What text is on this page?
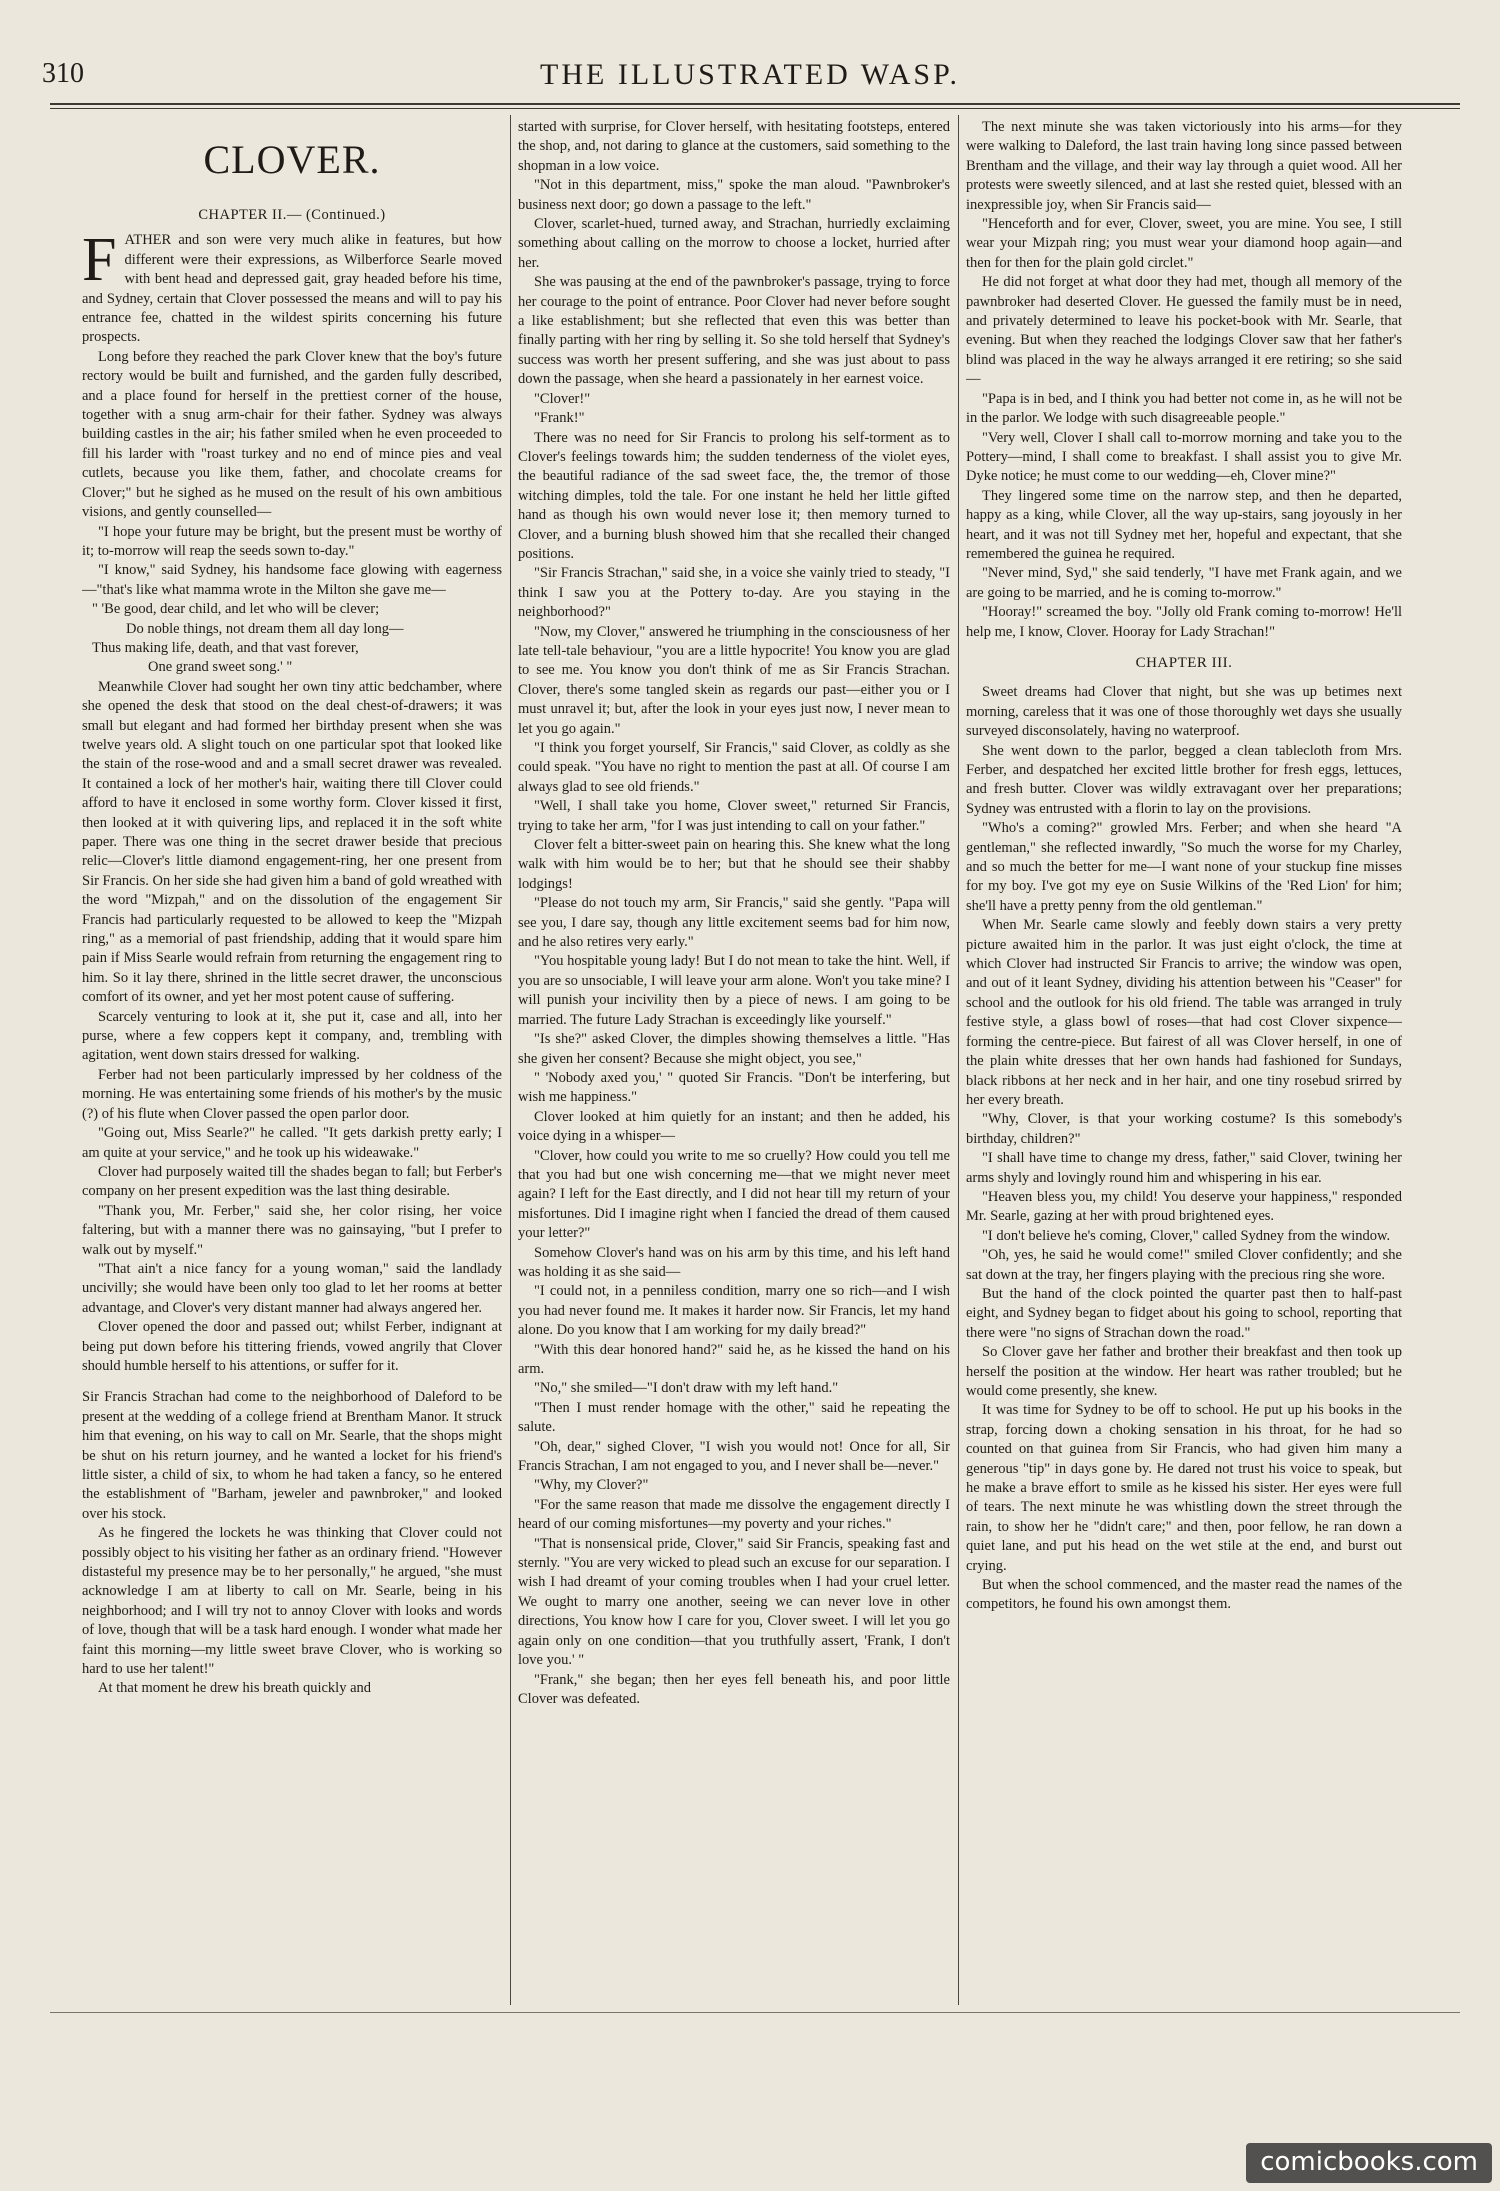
310	THE ILLUSTRATED WASP.
CLOVER.
CHAPTER II.— (Continued.)

FATHER and son were very much alike in features, but how different were their expressions, as Wilberforce Searle moved with bent head and depressed gait, gray headed before his time, and Sydney, certain that Clover possessed the means and will to pay his entrance fee, chatted in the wildest spirits concerning his future prospects.

Long before they reached the park Clover knew that the boy's future rectory would be built and furnished, and the garden fully described, and a place found for herself in the prettiest corner of the house, together with a snug arm-chair for their father. Sydney was always building castles in the air; his father smiled when he even proceeded to fill his larder with "roast turkey and no end of mince pies and veal cutlets, because you like them, father, and chocolate creams for Clover;" but he sighed as he mused on the result of his own ambitious visions, and gently counselled—

"I hope your future may be bright, but the present must be worthy of it; to-morrow will reap the seeds sown to-day."

"I know," said Sydney, his handsome face glowing with eagerness—"that's like what mamma wrote in the Milton she gave me—

" 'Be good, dear child, and let who will be clever;
Do noble things, not dream them all day long—
Thus making life, death, and that vast forever,
One grand sweet song.' "

Meanwhile Clover had sought her own tiny attic bedchamber, where she opened the desk that stood on the deal chest-of-drawers; it was small but elegant and had formed her birthday present when she was twelve years old. A slight touch on one particular spot that looked like the stain of the rose-wood and and a small secret drawer was revealed. It contained a lock of her mother's hair, waiting there till Clover could afford to have it enclosed in some worthy form. Clover kissed it first, then looked at it with quivering lips, and replaced it in the soft white paper. There was one thing in the secret drawer beside that precious relic—Clover's little diamond engagement-ring, her one present from Sir Francis. On her side she had given him a band of gold wreathed with the word "Mizpah," and on the dissolution of the engagement Sir Francis had particularly requested to be allowed to keep the "Mizpah ring," as a memorial of past friendship, adding that it would spare him pain if Miss Searle would refrain from returning the engagement ring to him. So it lay there, shrined in the little secret drawer, the unconscious comfort of its owner, and yet her most potent cause of suffering.

Scarcely venturing to look at it, she put it, case and all, into her purse, where a few coppers kept it company, and, trembling with agitation, went down stairs dressed for walking.

Ferber had not been particularly impressed by her coldness of the morning. He was entertaining some friends of his mother's by the music (?) of his flute when Clover passed the open parlor door.

"Going out, Miss Searle?" he called. "It gets darkish pretty early; I am quite at your service," and he took up his wideawake."

Clover had purposely waited till the shades began to fall; but Ferber's company on her present expedition was the last thing desirable.

"Thank you, Mr. Ferber," said she, her color rising, her voice faltering, but with a manner there was no gainsaying, "but I prefer to walk out by myself."

"That ain't a nice fancy for a young woman," said the landlady uncivilly; she would have been only too glad to let her rooms at better advantage, and Clover's very distant manner had always angered her.

Clover opened the door and passed out; whilst Ferber, indignant at being put down before his tittering friends, vowed angrily that Clover should humble herself to his attentions, or suffer for it.

Sir Francis Strachan had come to the neighborhood of Daleford to be present at the wedding of a college friend at Brentham Manor. It struck him that evening, on his way to call on Mr. Searle, that the shops might be shut on his return journey, and he wanted a locket for his friend's little sister, a child of six, to whom he had taken a fancy, so he entered the establishment of "Barham, jeweler and pawnbroker," and looked over his stock.

As he fingered the lockets he was thinking that Clover could not possibly object to his visiting her father as an ordinary friend. "However distasteful my presence may be to her personally," he argued, "she must acknowledge I am at liberty to call on Mr. Searle, being in his neighborhood; and I will try not to annoy Clover with looks and words of love, though that will be a task hard enough. I wonder what made her faint this morning—my little sweet brave Clover, who is working so hard to use her talent!"

At that moment he drew his breath quickly and

started with surprise, for Clover herself, with hesitating footsteps, entered the shop, and, not daring to glance at the customers, said something to the shopman in a low voice.

"Not in this department, miss," spoke the man aloud. "Pawnbroker's business next door; go down a passage to the left."

Clover, scarlet-hued, turned away, and Strachan, hurriedly exclaiming something about calling on the morrow to choose a locket, hurried after her.

She was pausing at the end of the pawnbroker's passage, trying to force her courage to the point of entrance. Poor Clover had never before sought a like establishment; but she reflected that even this was better than finally parting with her ring by selling it. So she told herself that Sydney's success was worth her present suffering, and she was just about to pass down the passage, when she heard a passionately in her earnest voice.

"Clover!"

"Frank!"

There was no need for Sir Francis to prolong his self-torment as to Clover's feelings towards him; the sudden tenderness of the violet eyes, the beautiful radiance of the sad sweet face, the, the tremor of those witching dimples, told the tale. For one instant he held her little gifted hand as though his own would never lose it; then memory turned to Clover, and a burning blush showed him that she recalled their changed positions.

"Sir Francis Strachan," said she, in a voice she vainly tried to steady, "I think I saw you at the Pottery to-day. Are you staying in the neighborhood?"

"Now, my Clover," answered he triumphing in the consciousness of her late tell-tale behaviour, "you are a little hypocrite! You know you are glad to see me. You know you don't think of me as Sir Francis Strachan. Clover, there's some tangled skein as regards our past—either you or I must unravel it; but, after the look in your eyes just now, I never mean to let you go again."

"I think you forget yourself, Sir Francis," said Clover, as coldly as she could speak. "You have no right to mention the past at all. Of course I am always glad to see old friends."

"Well, I shall take you home, Clover sweet," returned Sir Francis, trying to take her arm, "for I was just intending to call on your father."

Clover felt a bitter-sweet pain on hearing this. She knew what the long walk with him would be to her; but that he should see their shabby lodgings!

"Please do not touch my arm, Sir Francis," said she gently. "Papa will see you, I dare say, though any little excitement seems bad for him now, and he also retires very early."

"You hospitable young lady! But I do not mean to take the hint. Well, if you are so unsociable, I will leave your arm alone. Won't you take mine? I will punish your incivility then by a piece of news. I am going to be married. The future Lady Strachan is exceedingly like yourself."

"Is she?" asked Clover, the dimples showing themselves a little. "Has she given her consent? Because she might object, you see,"

" 'Nobody axed you,' " quoted Sir Francis. "Don't be interfering, but wish me happiness."

Clover looked at him quietly for an instant; and then he added, his voice dying in a whisper—

"Clover, how could you write to me so cruelly? How could you tell me that you had but one wish concerning me—that we might never meet again? I left for the East directly, and I did not hear till my return of your misfortunes. Did I imagine right when I fancied the dread of them caused your letter?"

Somehow Clover's hand was on his arm by this time, and his left hand was holding it as she said—

"I could not, in a penniless condition, marry one so rich—and I wish you had never found me. It makes it harder now. Sir Francis, let my hand alone. Do you know that I am working for my daily bread?"

"With this dear honored hand?" said he, as he kissed the hand on his arm.

"No," she smiled—"I don't draw with my left hand."

"Then I must render homage with the other," said he repeating the salute.

"Oh, dear," sighed Clover, "I wish you would not! Once for all, Sir Francis Strachan, I am not engaged to you, and I never shall be—never."

"Why, my Clover?"

"For the same reason that made me dissolve the engagement directly I heard of our coming misfortunes—my poverty and your riches."

"That is nonsensical pride, Clover," said Sir Francis, speaking fast and sternly. "You are very wicked to plead such an excuse for our separation. I wish I had dreamt of your coming troubles when I had your cruel letter. We ought to marry one another, seeing we can never love in other directions, You know how I care for you, Clover sweet. I will let you go again only on one condition—that you truthfully assert, 'Frank, I don't love you.' "

"Frank," she began; then her eyes fell beneath his, and poor little Clover was defeated.

The next minute she was taken victoriously into his arms—for they were walking to Daleford, the last train having long since passed between Brentham and the village, and their way lay through a quiet wood. All her protests were sweetly silenced, and at last she rested quiet, blessed with an inexpressible joy, when Sir Francis said—

"Henceforth and for ever, Clover, sweet, you are mine. You see, I still wear your Mizpah ring; you must wear your diamond hoop again—and then for then for the plain gold circlet."

He did not forget at what door they had met, though all memory of the pawnbroker had deserted Clover. He guessed the family must be in need, and privately determined to leave his pocket-book with Mr. Searle, that evening. But when they reached the lodgings Clover saw that her father's blind was placed in the way he always arranged it ere retiring; so she said—

"Papa is in bed, and I think you had better not come in, as he will not be in the parlor. We lodge with such disagreeable people."

"Very well, Clover I shall call to-morrow morning and take you to the Pottery—mind, I shall come to breakfast. I shall assist you to give Mr. Dyke notice; he must come to our wedding—eh, Clover mine?"

They lingered some time on the narrow step, and then he departed, happy as a king, while Clover, all the way up-stairs, sang joyously in her heart, and it was not till Sydney met her, hopeful and expectant, that she remembered the guinea he required.

"Never mind, Syd," she said tenderly, "I have met Frank again, and we are going to be married, and he is coming to-morrow."

"Hooray!" screamed the boy. "Jolly old Frank coming to-morrow! He'll help me, I know, Clover. Hooray for Lady Strachan!"

CHAPTER III.

Sweet dreams had Clover that night, but she was up betimes next morning, careless that it was one of those thoroughly wet days she usually surveyed disconsolately, having no waterproof.

She went down to the parlor, begged a clean tablecloth from Mrs. Ferber, and despatched her excited little brother for fresh eggs, lettuces, and fresh butter. Clover was wildly extravagant over her preparations; Sydney was entrusted with a florin to lay on the provisions.

"Who's a coming?" growled Mrs. Ferber; and when she heard "A gentleman," she reflected inwardly, "So much the worse for my Charley, and so much the better for me—I want none of your stuckup fine misses for my boy. I've got my eye on Susie Wilkins of the 'Red Lion' for him; she'll have a pretty penny from the old gentleman."

When Mr. Searle came slowly and feebly down stairs a very pretty picture awaited him in the parlor. It was just eight o'clock, the time at which Clover had instructed Sir Francis to arrive; the window was open, and out of it leant Sydney, dividing his attention between his "Ceaser" for school and the outlook for his old friend. The table was arranged in truly festive style, a glass bowl of roses—that had cost Clover sixpence—forming the centre-piece. But fairest of all was Clover herself, in one of the plain white dresses that her own hands had fashioned for Sundays, black ribbons at her neck and in her hair, and one tiny rosebud srirred by her every breath.

"Why, Clover, is that your working costume? Is this somebody's birthday, children?"

"I shall have time to change my dress, father," said Clover, twining her arms shyly and lovingly round him and whispering in his ear.

"Heaven bless you, my child! You deserve your happiness," responded Mr. Searle, gazing at her with proud brightened eyes.

"I don't believe he's coming, Clover," called Sydney from the window.

"Oh, yes, he said he would come!" smiled Clover confidently; and she sat down at the tray, her fingers playing with the precious ring she wore.

But the hand of the clock pointed the quarter past then to half-past eight, and Sydney began to fidget about his going to school, reporting that there were "no signs of Strachan down the road."

So Clover gave her father and brother their breakfast and then took up herself the position at the window. Her heart was rather troubled; but he would come presently, she knew.

It was time for Sydney to be off to school. He put up his books in the strap, forcing down a choking sensation in his throat, for he had so counted on that guinea from Sir Francis, who had given him many a generous "tip" in days gone by. He dared not trust his voice to speak, but he make a brave effort to smile as he kissed his sister. Her eyes were full of tears. The next minute he was whistling down the street through the rain, to show her he "didn't care;" and then, poor fellow, he ran down a quiet lane, and put his head on the wet stile at the end, and burst out crying.

But when the school commenced, and the master read the names of the competitors, he found his own amongst them.

comicbooks.com
